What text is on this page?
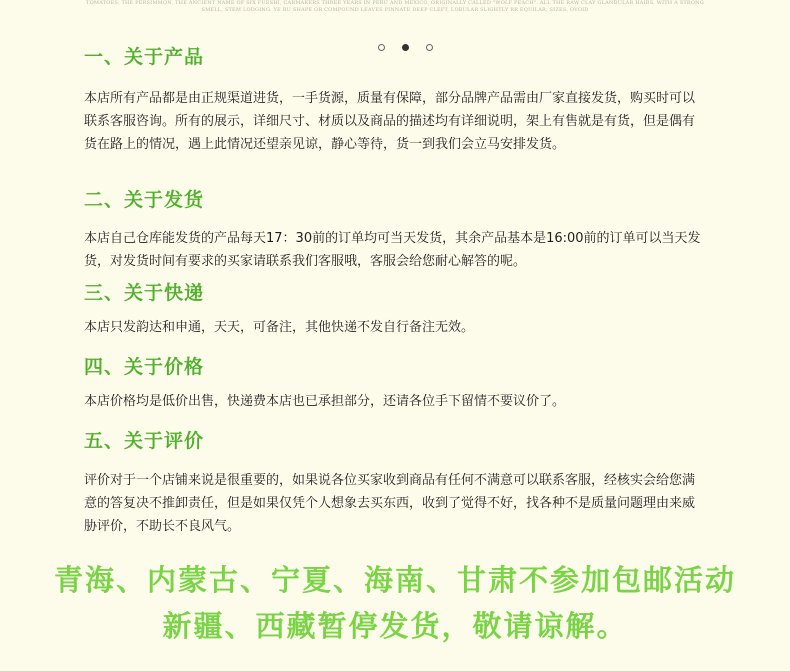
TOMATOES, THE PERSIMMON, THE ANCIENT NAME OF SIX FUESHI, CARMAKERS THREE YEARS IN PERU AND MEXICO, ORIGINALLY CALLED "WOLF PEACH". ALL THE RAW CLAY GLANDULAR HAIRS, WITH A STRONG SMELL, STEM LODGING, YE RU SHAPE OR COMPOUND LEAVES PINNATE DEEP CLEFT, LOBULAR SLIGHTLY RR EQUILAR, SIZES, OVOID
一、关于产品
本店所有产品都是由正规渠道进货，一手货源，质量有保障，部分品牌产品需由厂家直接发货，购买时可以联系客服咨询。所有的展示，详细尺寸、材质以及商品的描述均有详细说明，架上有售就是有货，但是偶有货在路上的情况，遇上此情况还望亲见谅，静心等待，货一到我们会立马安排发货。
二、关于发货
本店自己仓库能发货的产品每天17：30前的订单均可当天发货，其余产品基本是16:00前的订单可以当天发货，对发货时间有要求的买家请联系我们客服哦，客服会给您耐心解答的呢。
三、关于快递
本店只发韵达和申通，天天，可备注，其他快递不发自行备注无效。
四、关于价格
本店价格均是低价出售，快递费本店也已承担部分，还请各位手下留情不要议价了。
五、关于评价
评价对于一个店铺来说是很重要的，如果说各位买家收到商品有任何不满意可以联系客服，经核实会给您满意的答复决不推卸责任，但是如果仅凭个人想象去买东西，收到了觉得不好，找各种不是质量问题理由来威胁评价，不助长不良风气。
青海、内蒙古、宁夏、海南、甘肃不参加包邮活动
新疆、西藏暂停发货，敬请谅解。
